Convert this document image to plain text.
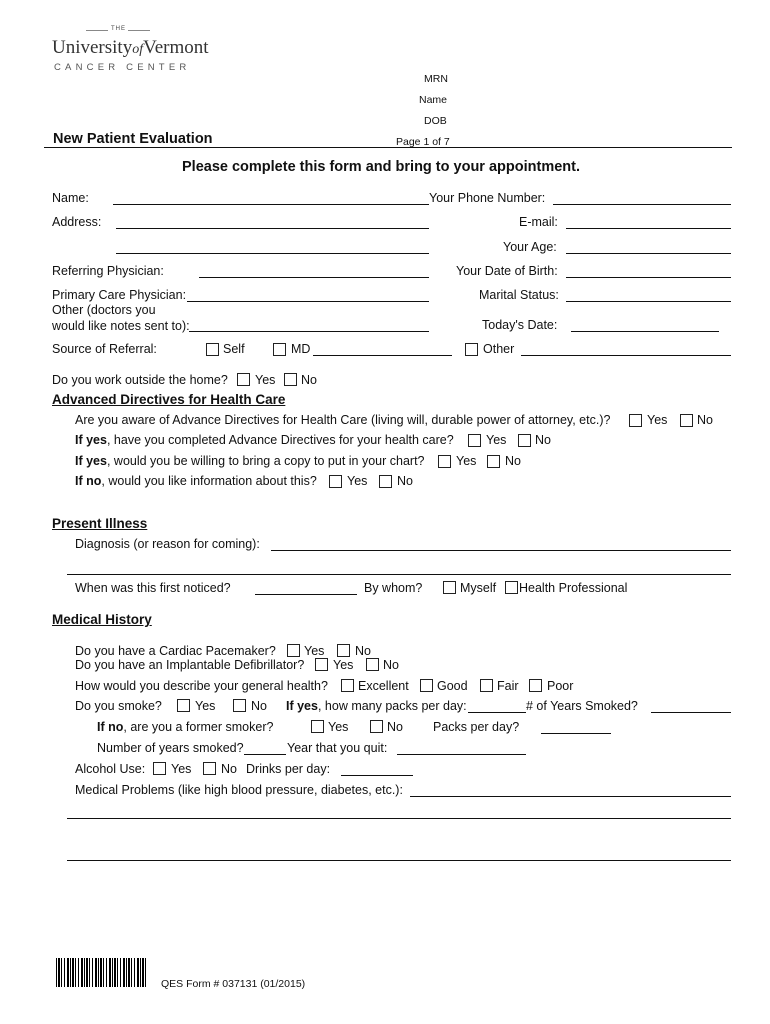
THE
UniversityofVermont
CANCER CENTER
MRN
Name
DOB
New Patient Evaluation	Page 1 of 7
Please complete this form and bring to your appointment.
Name:	Your Phone Number:
Address:	E-mail:
Your Age:
Referring Physician:	Your Date of Birth:
Primary Care Physician:	Marital Status:
Other (doctors you
would like notes sent to):	Today's Date:
Source of Referral:	Self	MD	Other
Do you work outside the home? Yes No
Advanced Directives for Health Care
Are you aware of Advance Directives for Health Care (living will, durable power of attorney, etc.)?	Yes No
If yes, have you completed Advance Directives for your health care?	Yes No
If yes, would you be willing to bring a copy to put in your chart?	Yes No
If no, would you like information about this? Yes No
Present Illness
Diagnosis (or reason for coming):
When was this first noticed?	By whom?	Myself Health Professional
Medical History
Do you have a Cardiac Pacemaker? Yes No
Do you have an Implantable Defibrillator? Yes No
How would you describe your general health? Excellent Good Fair Poor
Do you smoke?	Yes	No If yes, how many packs per day:	# of Years Smoked?
If no, are you a former smoker?	Yes	No Packs per day?
Number of years smoked?	Year that you quit:
Alcohol Use: Yes No Drinks per day:
Medical Problems (like high blood pressure, diabetes, etc.):
QES Form # 037131 (01/2015)
